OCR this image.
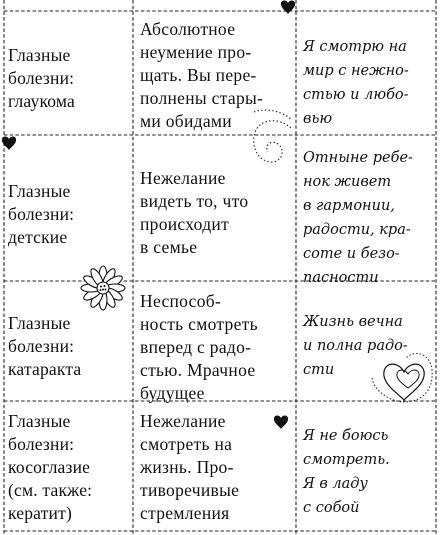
Глазные
болезни:
глаукома
Абсолютное
неумение про-
щать. Вы пере-
полнены стары-
ми обидами
Я смотрю на
мир с нежно-
стью и любо-
вью
Глазные
болезни:
детские
Нежелание
видеть то, что
происходит
в семье
Отныне ребе-
нок живет
в гармонии,
радости, кра-
соте и безо-
пасности
Глазные
болезни:
катаракта
Неспособ-
ность смотреть
вперед с радо-
стью. Мрачное
будущее
Жизнь вечна
и полна радо-
сти
Глазные
болезни:
косоглазие
(см. также:
кератит)
Нежелание
смотреть на
жизнь. Про-
тиворечивые
стремления
Я не боюсь
смотреть.
Я в ладу
с собой
